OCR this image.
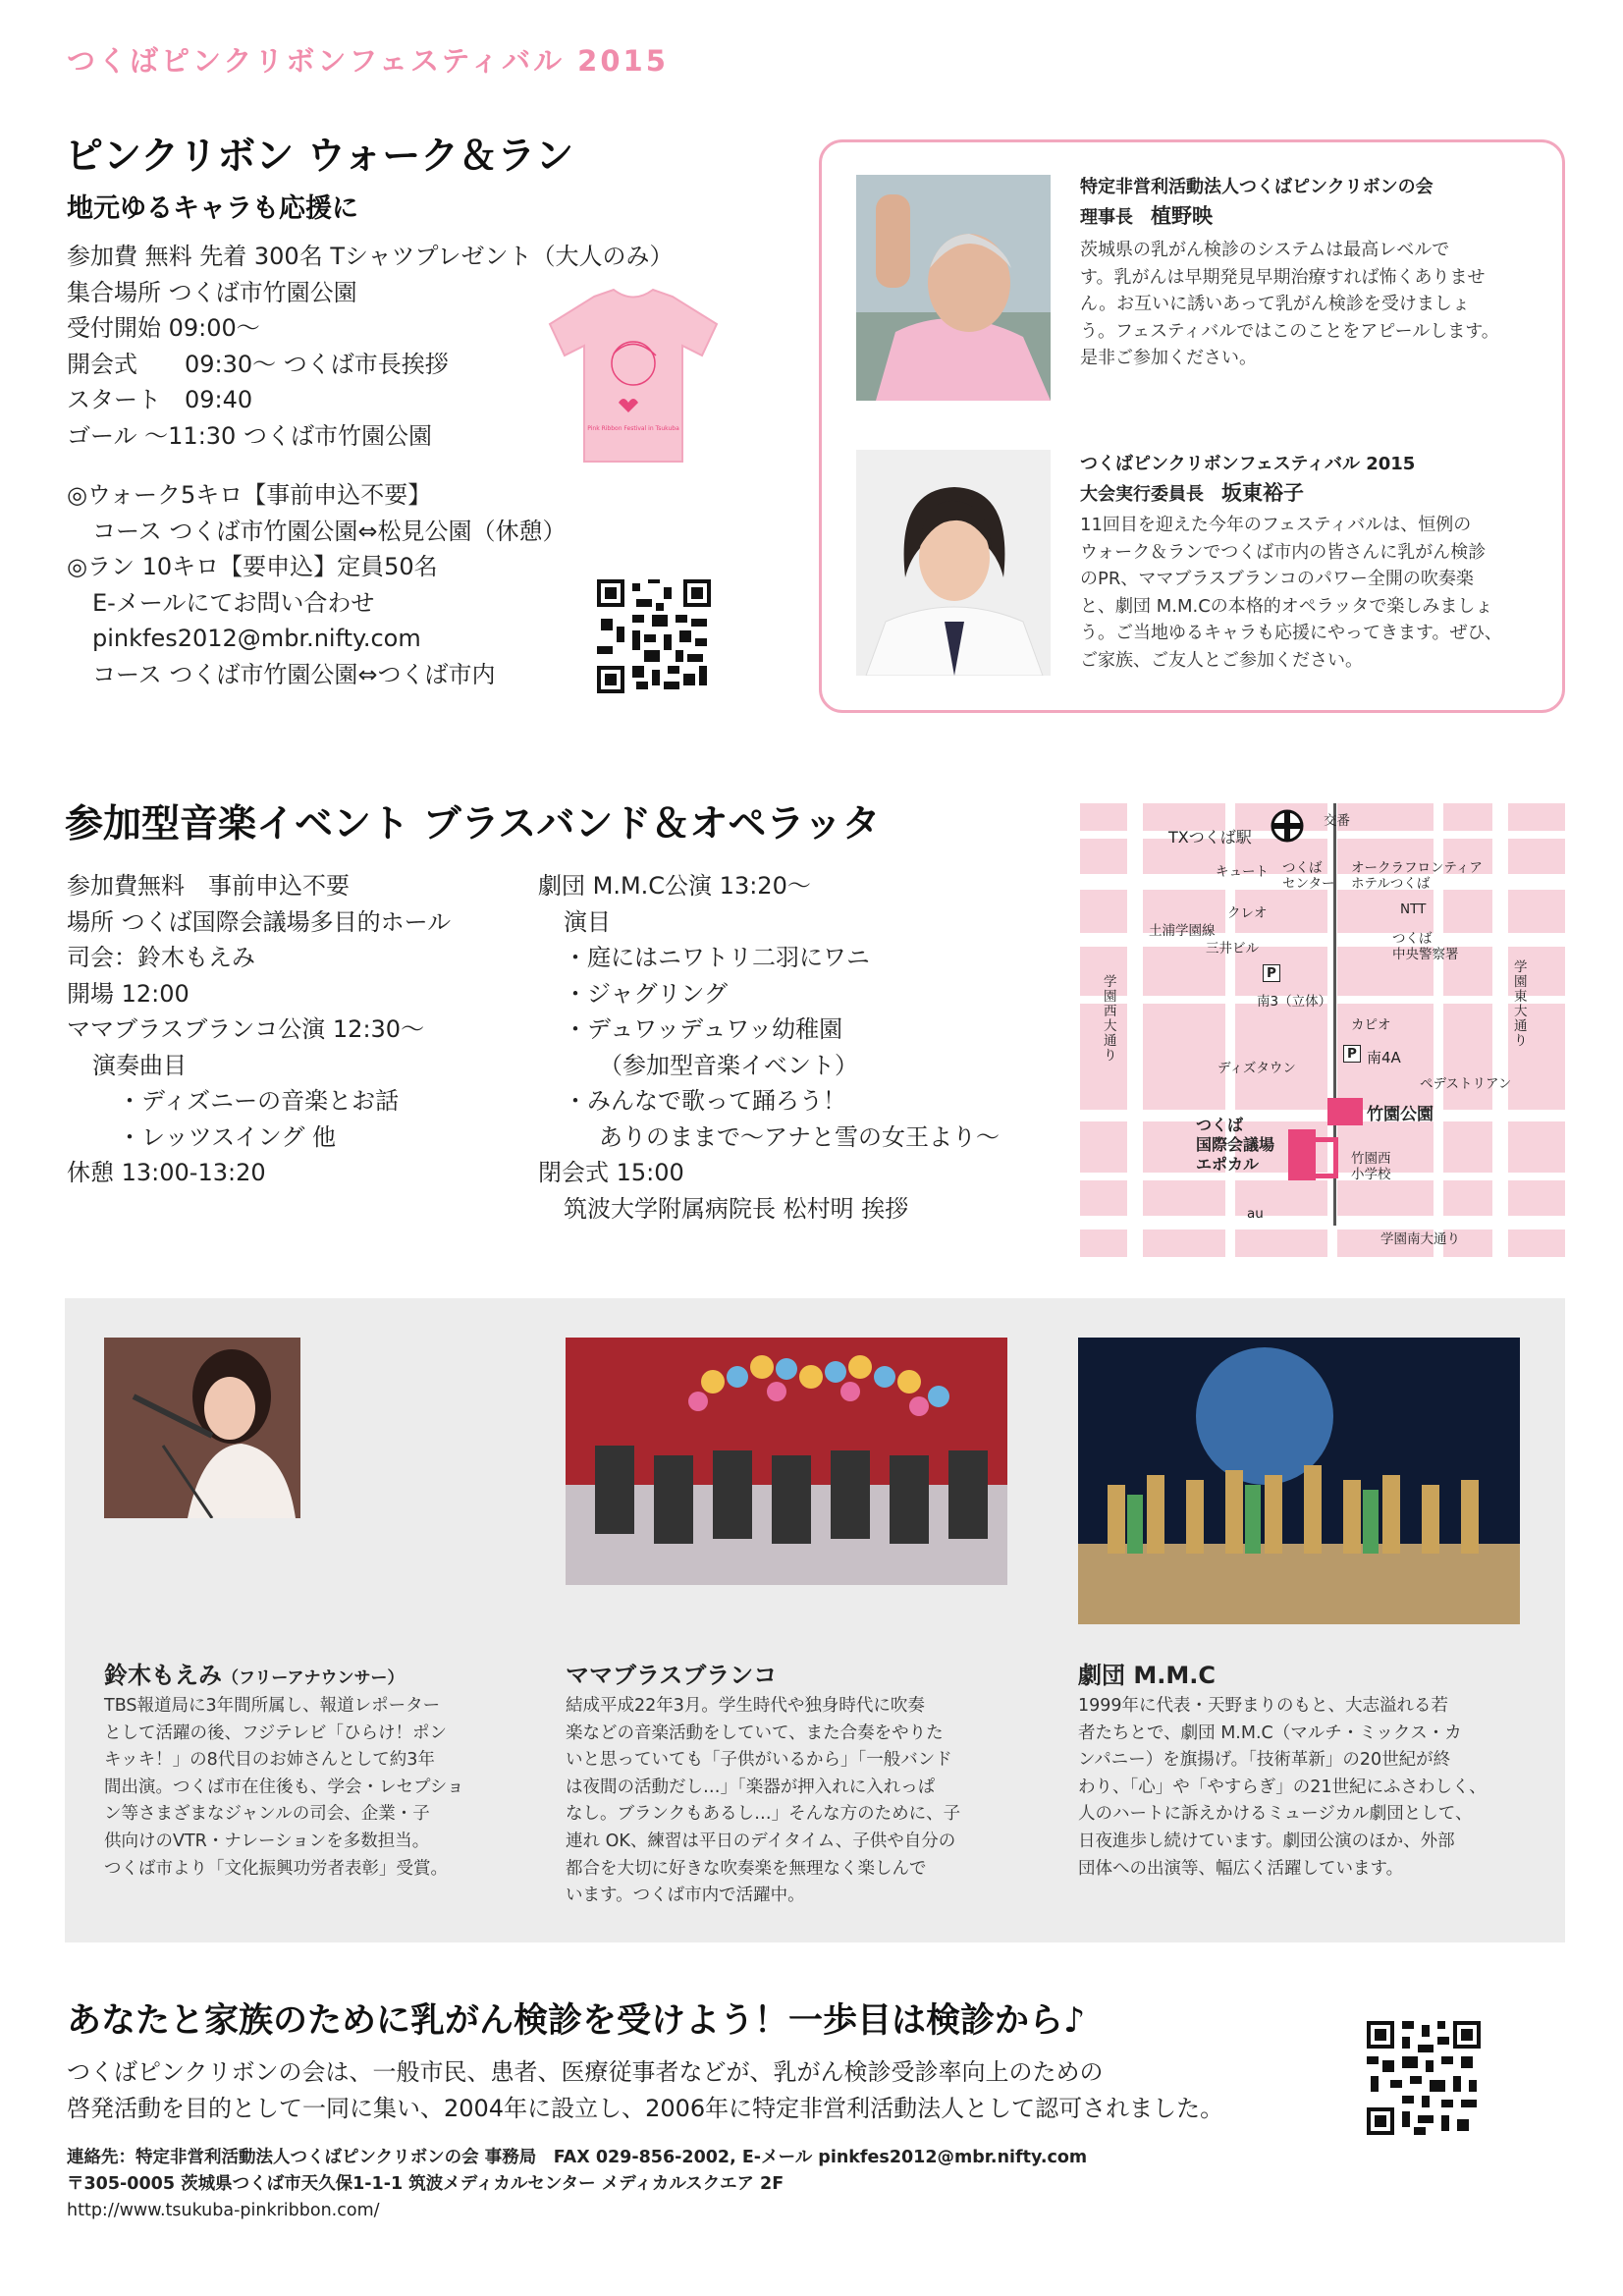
つくばピンクリボンフェスティバル 2015
ピンクリボン ウォーク＆ラン
地元ゆるキャラも応援に
参加費 無料 先着 300名 Tシャツプレゼント（大人のみ）
集合場所 つくば市竹園公園
受付開始 09:00〜
開会式　　09:30〜 つくば市長挨拶
スタート　09:40
ゴール 〜11:30 つくば市竹園公園
◎ウォーク5キロ【事前申込不要】
コース つくば市竹園公園⇔松見公園（休憩）
◎ラン 10キロ【要申込】定員50名
E-メールにてお問い合わせ
pinkfes2012@mbr.nifty.com
コース つくば市竹園公園⇔つくば市内
Pink Ribbon Festival in Tsukuba
特定非営利活動法人つくばピンクリボンの会
理事長　 植野映
茨城県の乳がん検診のシステムは最高レベルで
す。乳がんは早期発見早期治療すれば怖くありませ
ん。お互いに誘いあって乳がん検診を受けましょ
う。フェスティバルではこのことをアピールします。
是非ご参加ください。
つくばピンクリボンフェスティバル 2015
大会実行委員長　 坂東裕子
11回目を迎えた今年のフェスティバルは、恒例の
ウォーク＆ランでつくば市内の皆さんに乳がん検診
のPR、ママブラスブランコのパワー全開の吹奏楽
と、劇団 M.M.Cの本格的オペラッタで楽しみましょ
う。ご当地ゆるキャラも応援にやってきます。ぜひ、
ご家族、ご友人とご参加ください。
参加型音楽イベント ブラスバンド＆オペラッタ
参加費無料　事前申込不要
場所 つくば国際会議場多目的ホール
司会：鈴木もえみ
開場 12:00
ママブラスブランコ公演 12:30〜
演奏曲目
・ディズニーの音楽とお話
・レッツスイング 他
休憩 13:00-13:20
劇団 M.M.C公演 13:20〜
演目
・庭にはニワトリ二羽にワニ
・ジャグリング
・デュワッデュワッ幼稚園
（参加型音楽イベント）
・みんなで歌って踊ろう！
ありのままで〜アナと雪の女王より〜
閉会式 15:00
筑波大学附属病院長 松村明 挨拶
TXつくば駅
交番
キュート つくば
センター
オークラフロンティア
ホテルつくば
クレオ
土浦学園線
三井ビル
NTT
つくば
中央警察署
学園西大通り
学園東大通り
P
南3（立体）
カピオ
ディズタウン
P 南4A
ペデストリアン
竹園公園
つくば
国際会議場
エポカル	竹園西
小学校
au
学園南大通り
鈴木もえみ（フリーアナウンサー）
TBS報道局に3年間所属し、報道レポーター
として活躍の後、フジテレビ「ひらけ！ポン
キッキ！」の8代目のお姉さんとして約3年
間出演。つくば市在住後も、学会・レセプショ
ン等さまざまなジャンルの司会、企業・子
供向けのVTR・ナレーションを多数担当。
つくば市より「文化振興功労者表彰」受賞。
ママブラスブランコ
結成平成22年3月。学生時代や独身時代に吹奏
楽などの音楽活動をしていて、また合奏をやりた
いと思っていても「子供がいるから」「一般バンド
は夜間の活動だし…」「楽器が押入れに入れっぱ
なし。ブランクもあるし…」そんな方のために、子
連れ OK、練習は平日のデイタイム、子供や自分の
都合を大切に好きな吹奏楽を無理なく楽しんで
います。つくば市内で活躍中。
劇団 M.M.C
1999年に代表・天野まりのもと、大志溢れる若
者たちとで、劇団 M.M.C（マルチ・ミックス・カ
ンパニー）を旗揚げ。「技術革新」の20世紀が終
わり、「心」や「やすらぎ」の21世紀にふさわしく、
人のハートに訴えかけるミュージカル劇団として、
日夜進歩し続けています。劇団公演のほか、外部
団体への出演等、幅広く活躍しています。
あなたと家族のために乳がん検診を受けよう！一歩目は検診から♪
つくばピンクリボンの会は、一般市民、患者、医療従事者などが、乳がん検診受診率向上のための
啓発活動を目的として一同に集い、2004年に設立し、2006年に特定非営利活動法人として認可されました。
連絡先：特定非営利活動法人つくばピンクリボンの会 事務局　FAX 029-856-2002, E-メール pinkfes2012@mbr.nifty.com
〒305-0005 茨城県つくば市天久保1-1-1 筑波メディカルセンター メディカルスクエア 2F
http://www.tsukuba-pinkribbon.com/
